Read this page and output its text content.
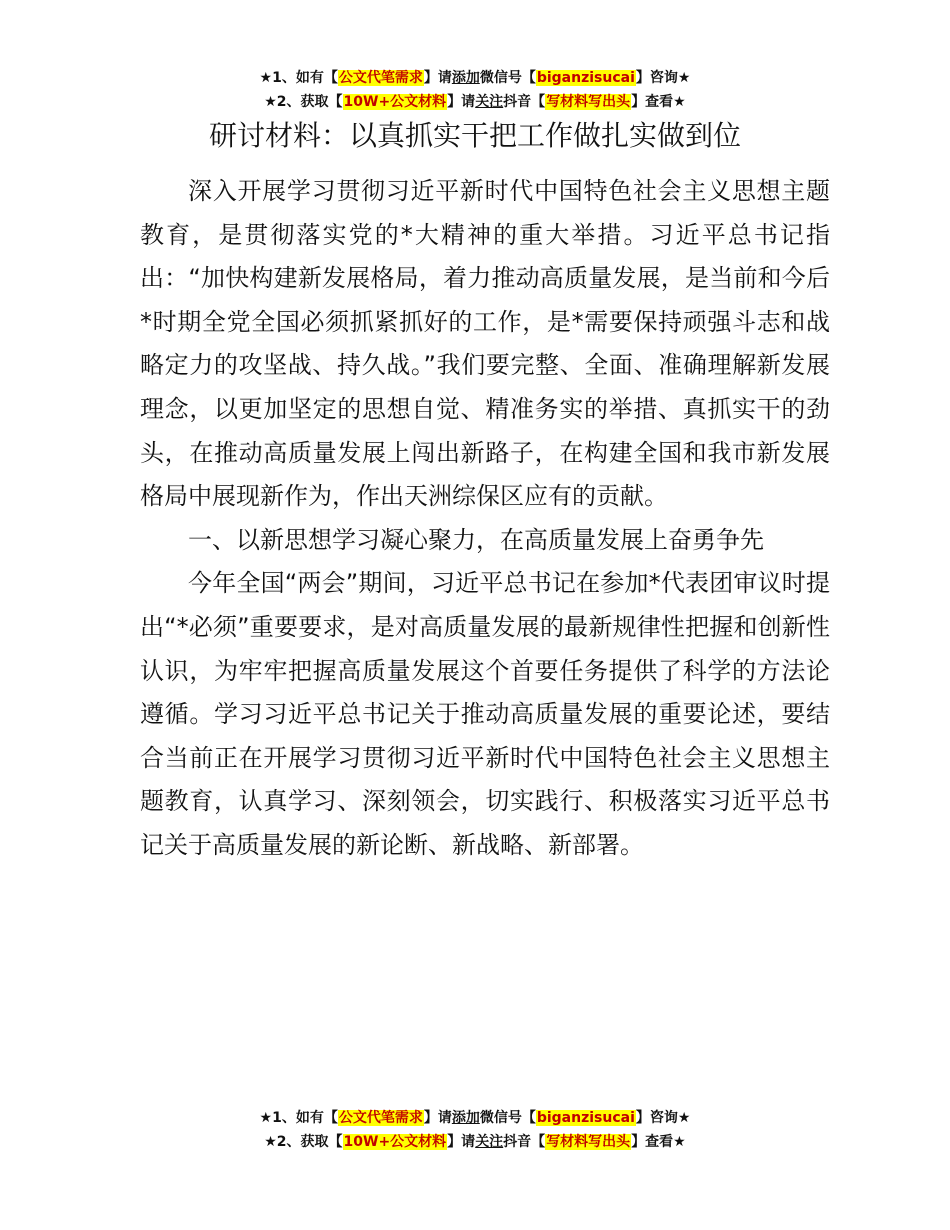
★1、如有【公文代笔需求】请添加微信号【biganzisucai】咨询★
★2、获取【10W+公文材料】请关注抖音【写材料写出头】查看★
研讨材料：以真抓实干把工作做扎实做到位

深入开展学习贯彻习近平新时代中国特色社会主义思想主题教育，是贯彻落实党的*大精神的重大举措。习近平总书记指出：“加快构建新发展格局，着力推动高质量发展，是当前和今后*时期全党全国必须抓紧抓好的工作，是*需要保持顽强斗志和战略定力的攻坚战、持久战。”我们要完整、全面、准确理解新发展理念，以更加坚定的思想自觉、精准务实的举措、真抓实干的劲头，在推动高质量发展上闯出新路子，在构建全国和我市新发展格局中展现新作为，作出天洲综保区应有的贡献。

一、以新思想学习凝心聚力，在高质量发展上奋勇争先

今年全国“两会”期间，习近平总书记在参加*代表团审议时提出“*必须”重要要求，是对高质量发展的最新规律性把握和创新性认识，为牢牢把握高质量发展这个首要任务提供了科学的方法论遵循。学习习近平总书记关于推动高质量发展的重要论述，要结合当前正在开展学习贯彻习近平新时代中国特色社会主义思想主题教育，认真学习、深刻领会，切实践行、积极落实习近平总书记关于高质量发展的新论断、新战略、新部署。

★1、如有【公文代笔需求】请添加微信号【biganzisucai】咨询★
★2、获取【10W+公文材料】请关注抖音【写材料写出头】查看★
